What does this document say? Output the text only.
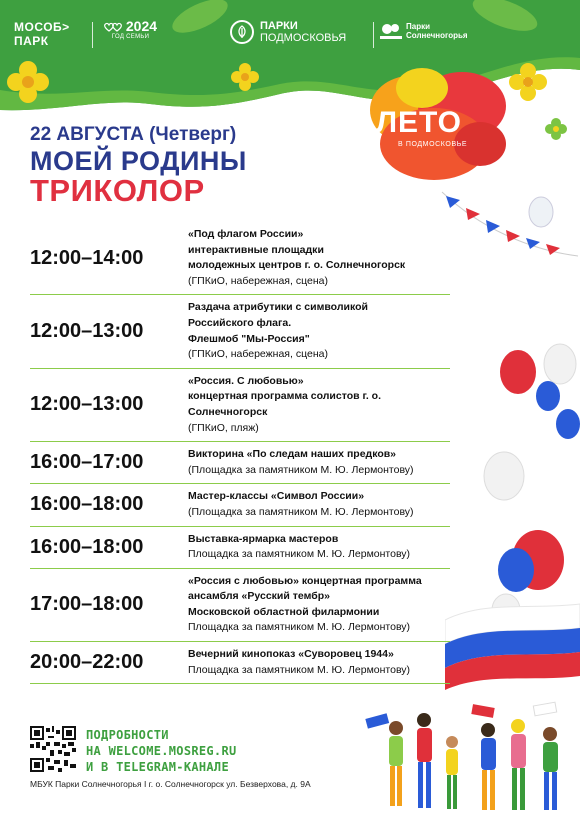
МОСОБ>
ПАРК
2024
ГОД СЕМЬИ
ПАРКИ
ПОДМОСКОВЬЯ
Парки
Солнечногорья
ЛЕТО
В ПОДМОСКОВЬЕ
22 АВГУСТА (Четверг)
МОЕЙ РОДИНЫ
ТРИКОЛОР
12:00–14:00
«Под флагом России»
интерактивные площадки
молодежных центров г. о. Солнечногорск
(ГПКиО, набережная, сцена)
12:00–13:00
Раздача атрибутики с символикой
Российского флага.
Флешмоб "Мы-Россия"
(ГПКиО, набережная, сцена)
12:00–13:00
«Россия. С любовью»
концертная программа солистов г. о.
Солнечногорск
(ГПКиО, пляж)
16:00–17:00	Викторина «По следам наших предков»
(Площадка за памятником М. Ю. Лермонтову)
16:00–18:00	Мастер-классы «Символ России»
(Площадка за памятником М. Ю. Лермонтову)
16:00–18:00	Выставка-ярмарка мастеров
Площадка за памятником М. Ю. Лермонтову)
17:00–18:00
«Россия с любовью» концертная программа
ансамбля «Русский тембр»
Московской областной филармонии
Площадка за памятником М. Ю. Лермонтову)
20:00–22:00	Вечерний кинопоказ «Суворовец 1944»
Площадка за памятником М. Ю. Лермонтову)
ПОДРОБНОСТИ
НА WELCOME.MOSREG.RU
И В TELEGRAM-КАНАЛЕ
МБУК Парки Солнечногорья I г. о. Солнечногорск ул. Безверхова, д. 9А
